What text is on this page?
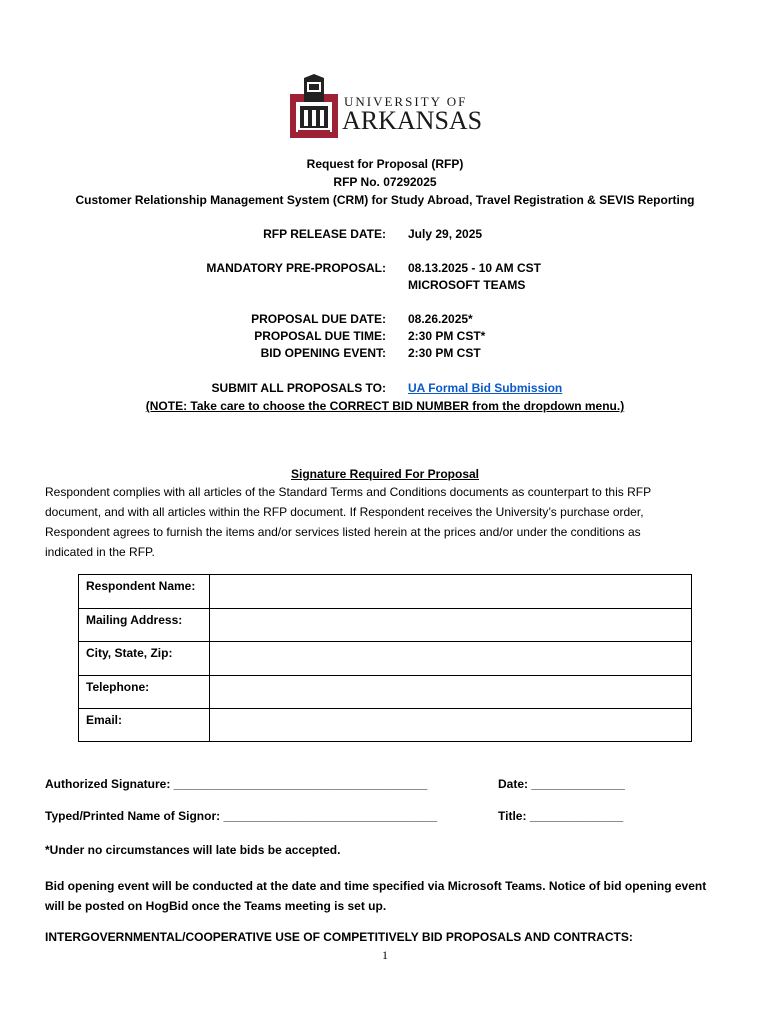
UNIVERSITY OF
ARKANSAS
Request for Proposal (RFP)
RFP No. 07292025
Customer Relationship Management System (CRM) for Study Abroad, Travel Registration & SEVIS Reporting
RFP RELEASE DATE: July 29, 2025
MANDATORY PRE-PROPOSAL: 08.13.2025 - 10 AM CST
MICROSOFT TEAMS
PROPOSAL DUE DATE: 08.26.2025*
PROPOSAL DUE TIME: 2:30 PM CST*
BID OPENING EVENT: 2:30 PM CST
SUBMIT ALL PROPOSALS TO: UA Formal Bid Submission
(NOTE: Take care to choose the CORRECT BID NUMBER from the dropdown menu.)
Signature Required For Proposal
Respondent complies with all articles of the Standard Terms and Conditions documents as counterpart to this RFP
document, and with all articles within the RFP document. If Respondent receives the University’s purchase order,
Respondent agrees to furnish the items and/or services listed herein at the prices and/or under the conditions as
indicated in the RFP.
Respondent Name:	
Mailing Address:	
City, State, Zip:	
Telephone:	
Email:	
Authorized Signature: ______________________________________	Date: ______________
Typed/Printed Name of Signor: ________________________________	Title: ______________
*Under no circumstances will late bids be accepted.
Bid opening event will be conducted at the date and time specified via Microsoft Teams. Notice of bid opening event
will be posted on HogBid once the Teams meeting is set up.
INTERGOVERNMENTAL/COOPERATIVE USE OF COMPETITIVELY BID PROPOSALS AND CONTRACTS:
1
